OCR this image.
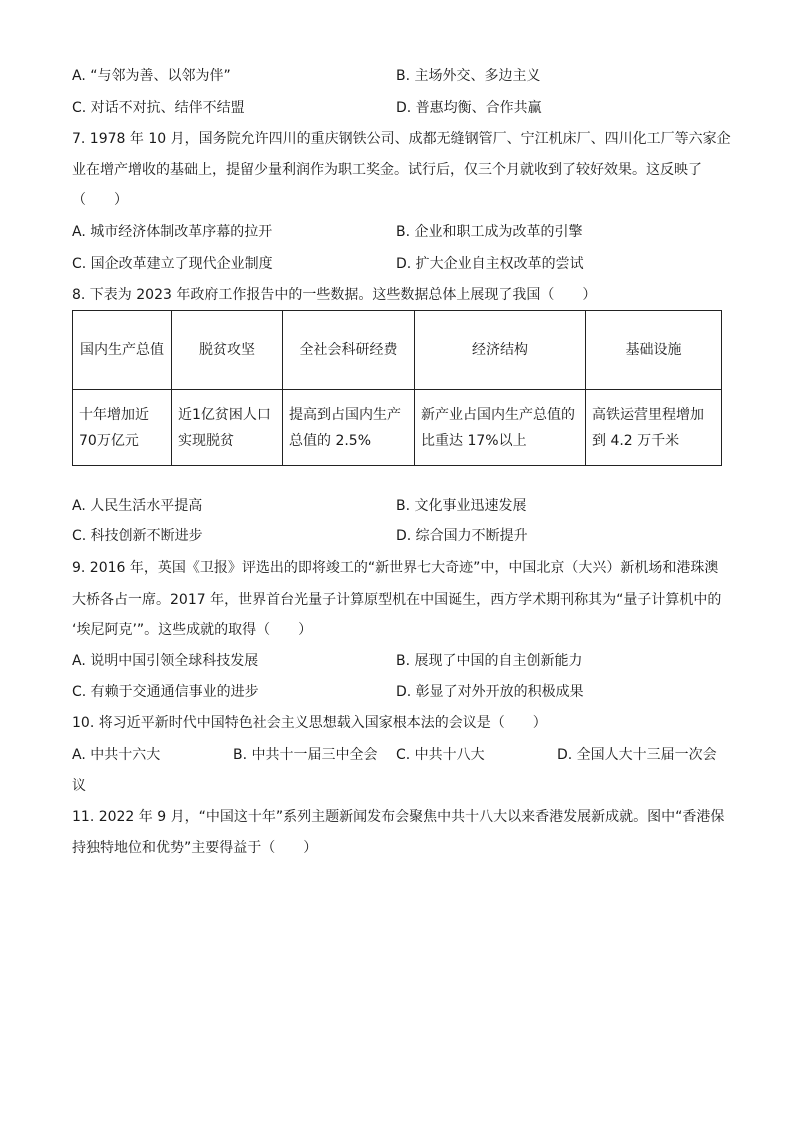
A. “与邻为善、以邻为伴”	B. 主场外交、多边主义
C. 对话不对抗、结伴不结盟	D. 普惠均衡、合作共赢
7. 1978 年 10 月，国务院允许四川的重庆钢铁公司、成都无缝钢管厂、宁江机床厂、四川化工厂等六家企
业在增产增收的基础上，提留少量利润作为职工奖金。试行后，仅三个月就收到了较好效果。这反映了
（　　）
A. 城市经济体制改革序幕的拉开	B. 企业和职工成为改革的引擎
C. 国企改革建立了现代企业制度	D. 扩大企业自主权改革的尝试
8. 下表为 2023 年政府工作报告中的一些数据。这些数据总体上展现了我国（　　）
国内生产总值	脱贫攻坚	全社会科研经费	经济结构	基础设施
十年增加近 70万亿元	近1亿贫困人口实现脱贫	提高到占国内生产总值的 2.5%	新产业占国内生产总值的比重达 17%以上	高铁运营里程增加到 4.2 万千米
A. 人民生活水平提高	B. 文化事业迅速发展
C. 科技创新不断进步	D. 综合国力不断提升
9. 2016 年，英国《卫报》评选出的即将竣工的“新世界七大奇迹”中，中国北京（大兴）新机场和港珠澳
大桥各占一席。2017 年，世界首台光量子计算原型机在中国诞生，西方学术期刊称其为“量子计算机中的
‘埃尼阿克’”。这些成就的取得（　　）
A. 说明中国引领全球科技发展	B. 展现了中国的自主创新能力
C. 有赖于交通通信事业的进步	D. 彰显了对外开放的积极成果
10. 将习近平新时代中国特色社会主义思想载入国家根本法的会议是（　　）
A. 中共十六大	B. 中共十一届三中全会 C. 中共十八大	D. 全国人大十三届一次会
议
11. 2022 年 9 月，“中国这十年”系列主题新闻发布会聚焦中共十八大以来香港发展新成就。图中“香港保
持独特地位和优势”主要得益于（　　）
